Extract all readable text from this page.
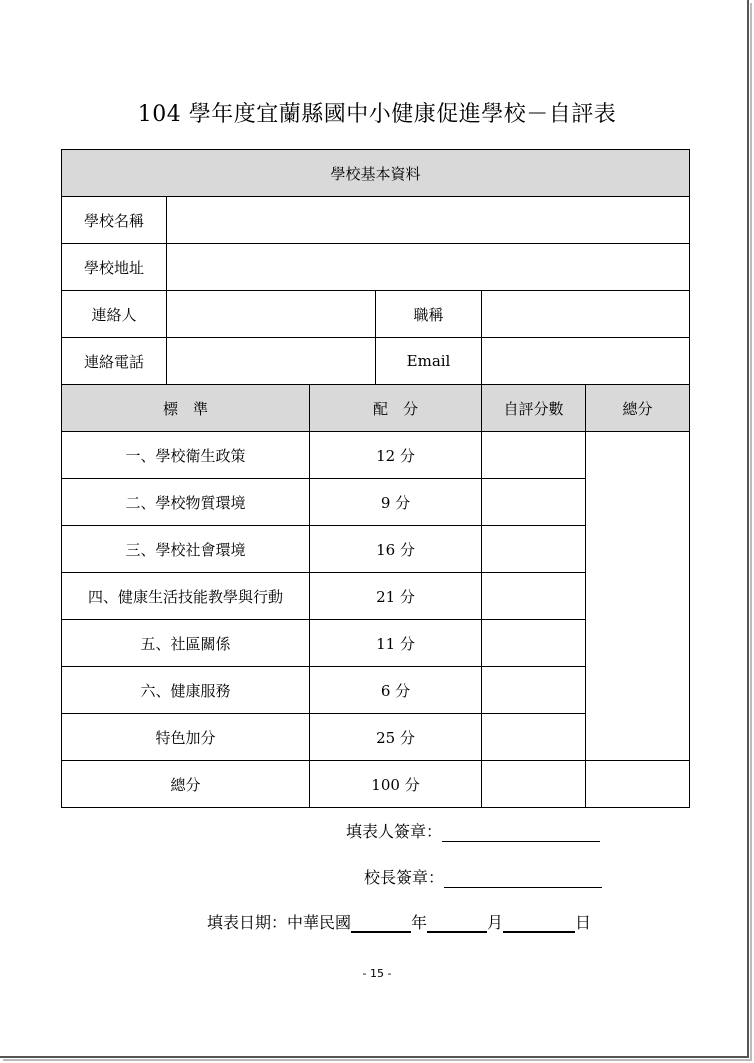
104 學年度宜蘭縣國中小健康促進學校－自評表
學校基本資料					
學校名稱					
學校地址					
連絡人			職稱		
連絡電話			Email		
標　準		配　分		自評分數	總分
一、學校衛生政策		12 分			
二、學校物質環境		9 分			
三、學校社會環境		16 分			
四、健康生活技能教學與行動		21 分			
五、社區關係		11 分			
六、健康服務		6 分			
特色加分		25 分			
總分		100 分			
填表人簽章：
校長簽章：
填表日期：中華民國	年	月	日
- 15 -
